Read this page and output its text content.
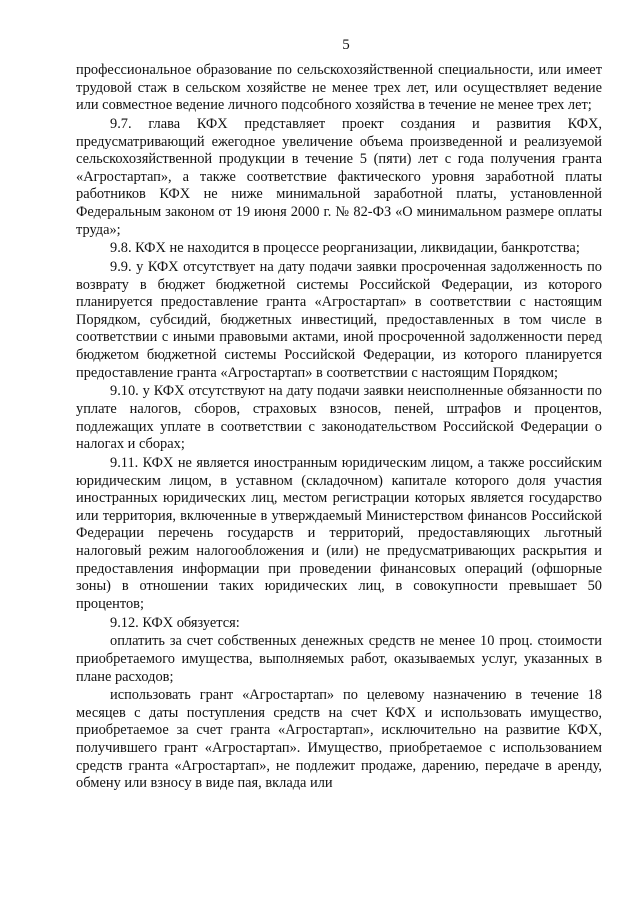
5

профессиональное образование по сельскохозяйственной специальности, или имеет трудовой стаж в сельском хозяйстве не менее трех лет, или осуществляет ведение или совместное ведение личного подсобного хозяйства в течение не менее трех лет;

9.7. глава КФХ представляет проект создания и развития КФХ, предусматривающий ежегодное увеличение объема произведенной и реализуемой сельскохозяйственной продукции в течение 5 (пяти) лет с года получения гранта «Агростартап», а также соответствие фактического уровня заработной платы работников КФХ не ниже минимальной заработной платы, установленной Федеральным законом от 19 июня 2000 г. № 82-ФЗ «О минимальном размере оплаты труда»;

9.8. КФХ не находится в процессе реорганизации, ликвидации, банкротства;

9.9. у КФХ отсутствует на дату подачи заявки просроченная задолженность по возврату в бюджет бюджетной системы Российской Федерации, из которого планируется предоставление гранта «Агростартап» в соответствии с настоящим Порядком, субсидий, бюджетных инвестиций, предоставленных в том числе в соответствии с иными правовыми актами, иной просроченной задолженности перед бюджетом бюджетной системы Российской Федерации, из которого планируется предоставление гранта «Агростартап» в соответствии с настоящим Порядком;

9.10. у КФХ отсутствуют на дату подачи заявки неисполненные обязанности по уплате налогов, сборов, страховых взносов, пеней, штрафов и процентов, подлежащих уплате в соответствии с законодательством Российской Федерации о налогах и сборах;

9.11. КФХ не является иностранным юридическим лицом, а также российским юридическим лицом, в уставном (складочном) капитале которого доля участия иностранных юридических лиц, местом регистрации которых является государство или территория, включенные в утверждаемый Министерством финансов Российской Федерации перечень государств и территорий, предоставляющих льготный налоговый режим налогообложения и (или) не предусматривающих раскрытия и предоставления информации при проведении финансовых операций (офшорные зоны) в отношении таких юридических лиц, в совокупности превышает 50 процентов;

9.12. КФХ обязуется:

оплатить за счет собственных денежных средств не менее 10 проц. стоимости приобретаемого имущества, выполняемых работ, оказываемых услуг, указанных в плане расходов;

использовать грант «Агростартап» по целевому назначению в течение 18 месяцев с даты поступления средств на счет КФХ и использовать имущество, приобретаемое за счет гранта «Агростартап», исключительно на развитие КФХ, получившего грант «Агростартап». Имущество, приобретаемое с использованием средств гранта «Агростартап», не подлежит продаже, дарению, передаче в аренду, обмену или взносу в виде пая, вклада или
